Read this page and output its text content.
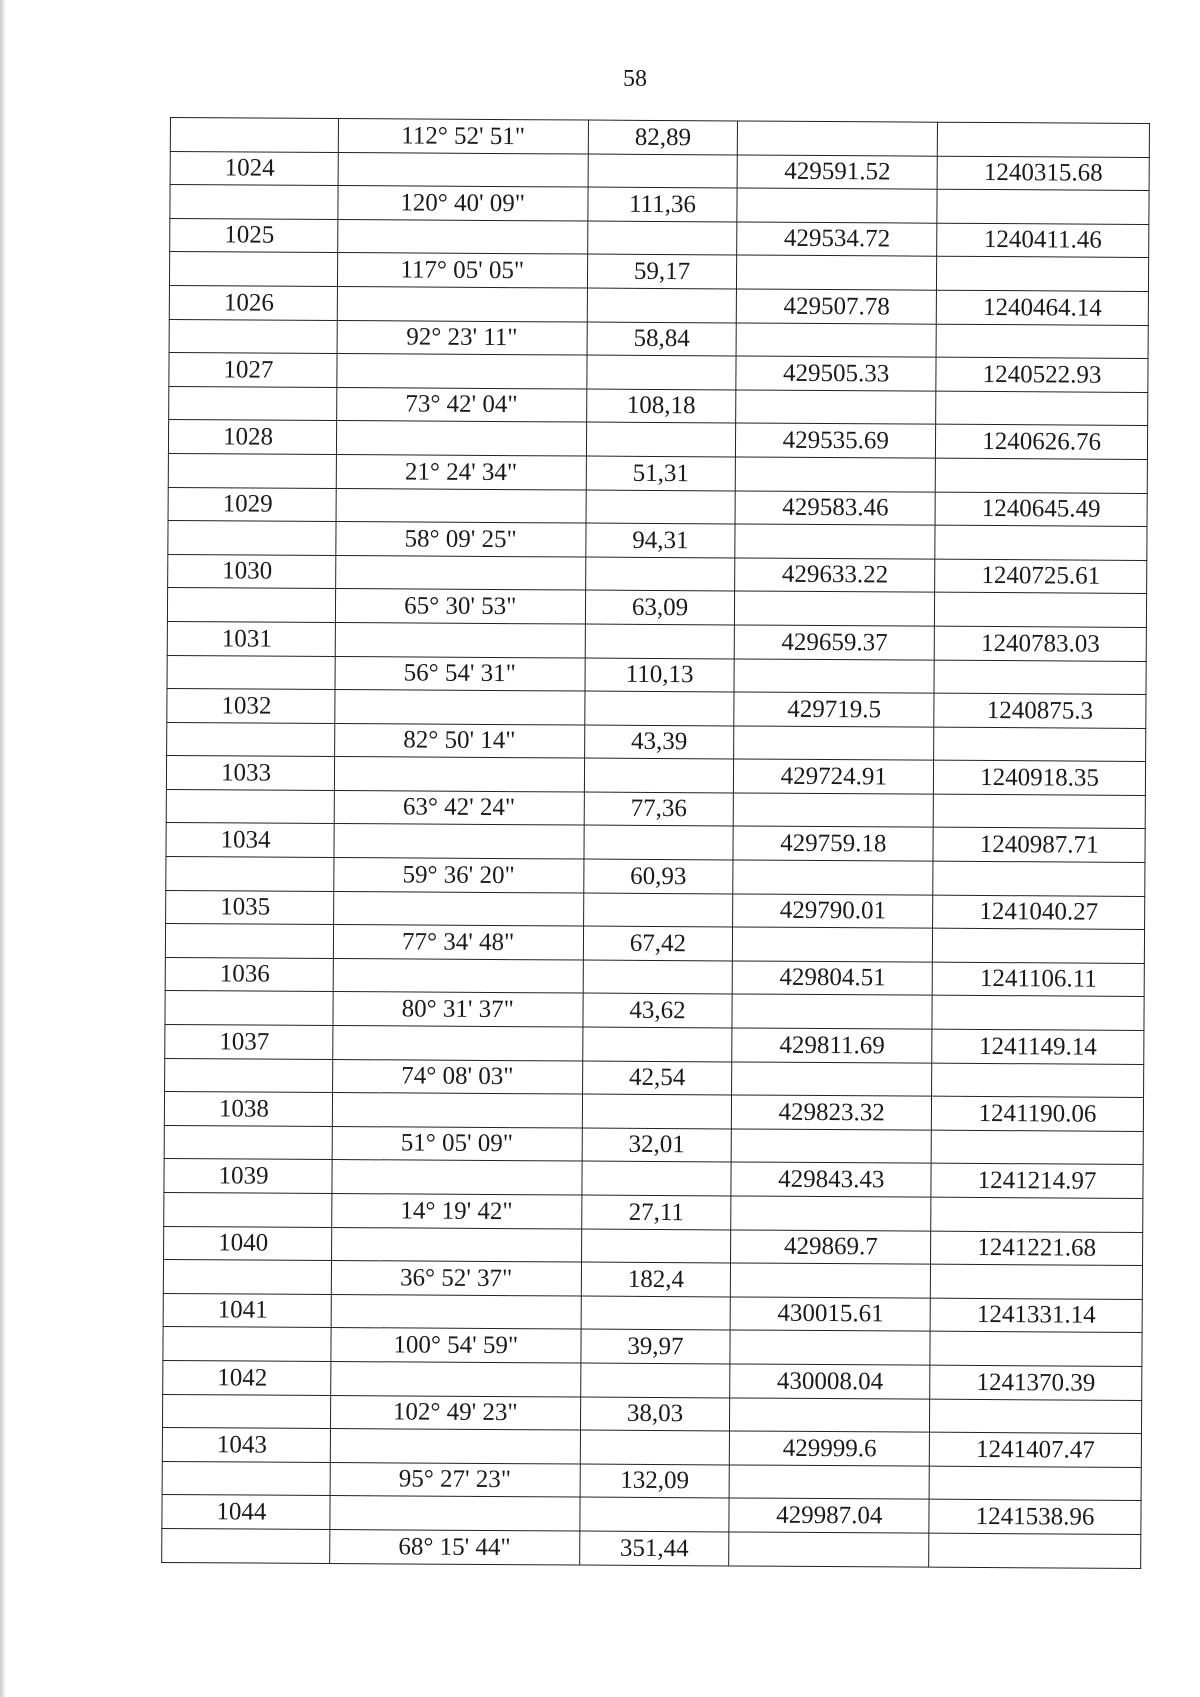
58
	112° 52' 51"	82,89		
1024			429591.52	1240315.68
	120° 40' 09"	111,36		
1025			429534.72	1240411.46
	117° 05' 05"	59,17		
1026			429507.78	1240464.14
	92° 23' 11"	58,84		
1027			429505.33	1240522.93
	73° 42' 04"	108,18		
1028			429535.69	1240626.76
	21° 24' 34"	51,31		
1029			429583.46	1240645.49
	58° 09' 25"	94,31		
1030			429633.22	1240725.61
	65° 30' 53"	63,09		
1031			429659.37	1240783.03
	56° 54' 31"	110,13		
1032			429719.5	1240875.3
	82° 50' 14"	43,39		
1033			429724.91	1240918.35
	63° 42' 24"	77,36		
1034			429759.18	1240987.71
	59° 36' 20"	60,93		
1035			429790.01	1241040.27
	77° 34' 48"	67,42		
1036			429804.51	1241106.11
	80° 31' 37"	43,62		
1037			429811.69	1241149.14
	74° 08' 03"	42,54		
1038			429823.32	1241190.06
	51° 05' 09"	32,01		
1039			429843.43	1241214.97
	14° 19' 42"	27,11		
1040			429869.7	1241221.68
	36° 52' 37"	182,4		
1041			430015.61	1241331.14
	100° 54' 59"	39,97		
1042			430008.04	1241370.39
	102° 49' 23"	38,03		
1043			429999.6	1241407.47
	95° 27' 23"	132,09		
1044			429987.04	1241538.96
	68° 15' 44"	351,44		
